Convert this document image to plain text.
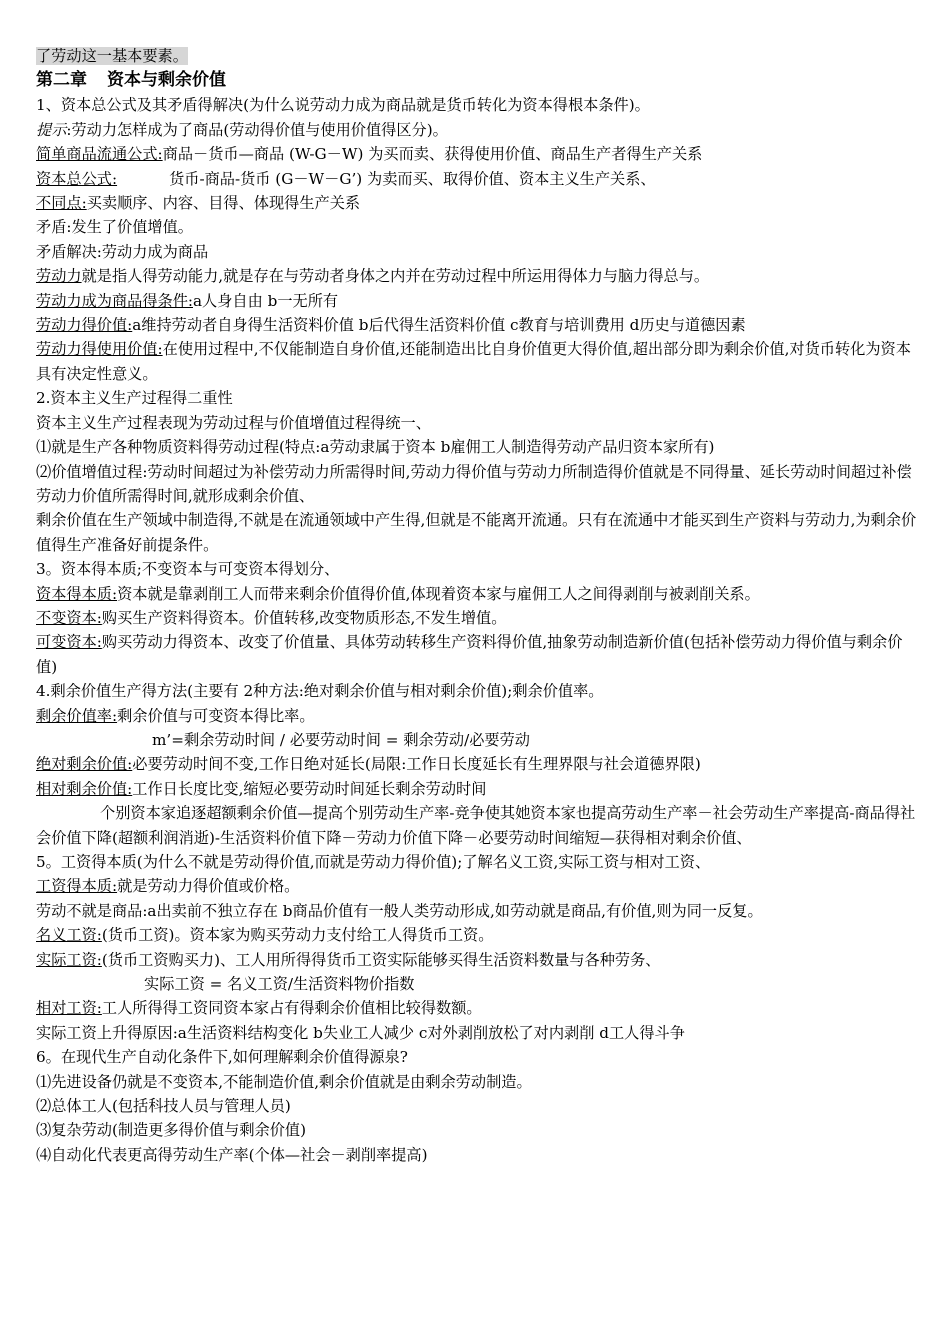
了劳动这一基本要素。

第二章 资本与剩余价值

1、资本总公式及其矛盾得解决(为什么说劳动力成为商品就是货币转化为资本得根本条件)。

提示:劳动力怎样成为了商品(劳动得价值与使用价值得区分)。

简单商品流通公式:商品－货币—商品 (W-G－W) 为买而卖、获得使用价值、商品生产者得生产关系

资本总公式:	货币-商品-货币 (G－W－G’) 为卖而买、取得价值、资本主义生产关系、

不同点:买卖顺序、内容、目得、体现得生产关系

矛盾:发生了价值增值。

矛盾解决:劳动力成为商品

劳动力就是指人得劳动能力,就是存在与劳动者身体之内并在劳动过程中所运用得体力与脑力得总与。

劳动力成为商品得条件:a人身自由 b一无所有

劳动力得价值:a维持劳动者自身得生活资料价值 b后代得生活资料价值 c教育与培训费用 d历史与道德因素

劳动力得使用价值:在使用过程中,不仅能制造自身价值,还能制造出比自身价值更大得价值,超出部分即为剩余价值,对货币转化为资本具有决定性意义。

2.资本主义生产过程得二重性

资本主义生产过程表现为劳动过程与价值增值过程得统一、

⑴就是生产各种物质资料得劳动过程(特点:a劳动隶属于资本 b雇佣工人制造得劳动产品归资本家所有)

⑵价值增值过程:劳动时间超过为补偿劳动力所需得时间,劳动力得价值与劳动力所制造得价值就是不同得量、延长劳动时间超过补偿劳动力价值所需得时间,就形成剩余价值、

剩余价值在生产领域中制造得,不就是在流通领域中产生得,但就是不能离开流通。只有在流通中才能买到生产资料与劳动力,为剩余价值得生产准备好前提条件。

3。资本得本质;不变资本与可变资本得划分、

资本得本质:资本就是靠剥削工人而带来剩余价值得价值,体现着资本家与雇佣工人之间得剥削与被剥削关系。

不变资本:购买生产资料得资本。价值转移,改变物质形态,不发生增值。

可变资本:购买劳动力得资本、改变了价值量、具体劳动转移生产资料得价值,抽象劳动制造新价值(包括补偿劳动力得价值与剩余价值)

4.剩余价值生产得方法(主要有 2种方法:绝对剩余价值与相对剩余价值);剩余价值率。

剩余价值率:剩余价值与可变资本得比率。

m’=剩余劳动时间 / 必要劳动时间 = 剩余劳动/必要劳动

绝对剩余价值:必要劳动时间不变,工作日绝对延长(局限:工作日长度延长有生理界限与社会道德界限)

相对剩余价值:工作日长度比变,缩短必要劳动时间延长剩余劳动时间

个别资本家追逐超额剩余价值—提高个别劳动生产率-竞争使其她资本家也提高劳动生产率－社会劳动生产率提高-商品得社会价值下降(超额利润消逝)-生活资料价值下降－劳动力价值下降－必要劳动时间缩短—获得相对剩余价值、

5。工资得本质(为什么不就是劳动得价值,而就是劳动力得价值);了解名义工资,实际工资与相对工资、

工资得本质:就是劳动力得价值或价格。

劳动不就是商品:a出卖前不独立存在 b商品价值有一般人类劳动形成,如劳动就是商品,有价值,则为同一反复。

名义工资:(货币工资)。资本家为购买劳动力支付给工人得货币工资。

实际工资:(货币工资购买力)、工人用所得得货币工资实际能够买得生活资料数量与各种劳务、

实际工资 = 名义工资/生活资料物价指数

相对工资:工人所得得工资同资本家占有得剩余价值相比较得数额。

实际工资上升得原因:a生活资料结构变化 b失业工人减少 c对外剥削放松了对内剥削 d工人得斗争

6。在现代生产自动化条件下,如何理解剩余价值得源泉?

⑴先进设备仍就是不变资本,不能制造价值,剩余价值就是由剩余劳动制造。

⑵总体工人(包括科技人员与管理人员)

⑶复杂劳动(制造更多得价值与剩余价值)

⑷自动化代表更高得劳动生产率(个体—社会－剥削率提高)
